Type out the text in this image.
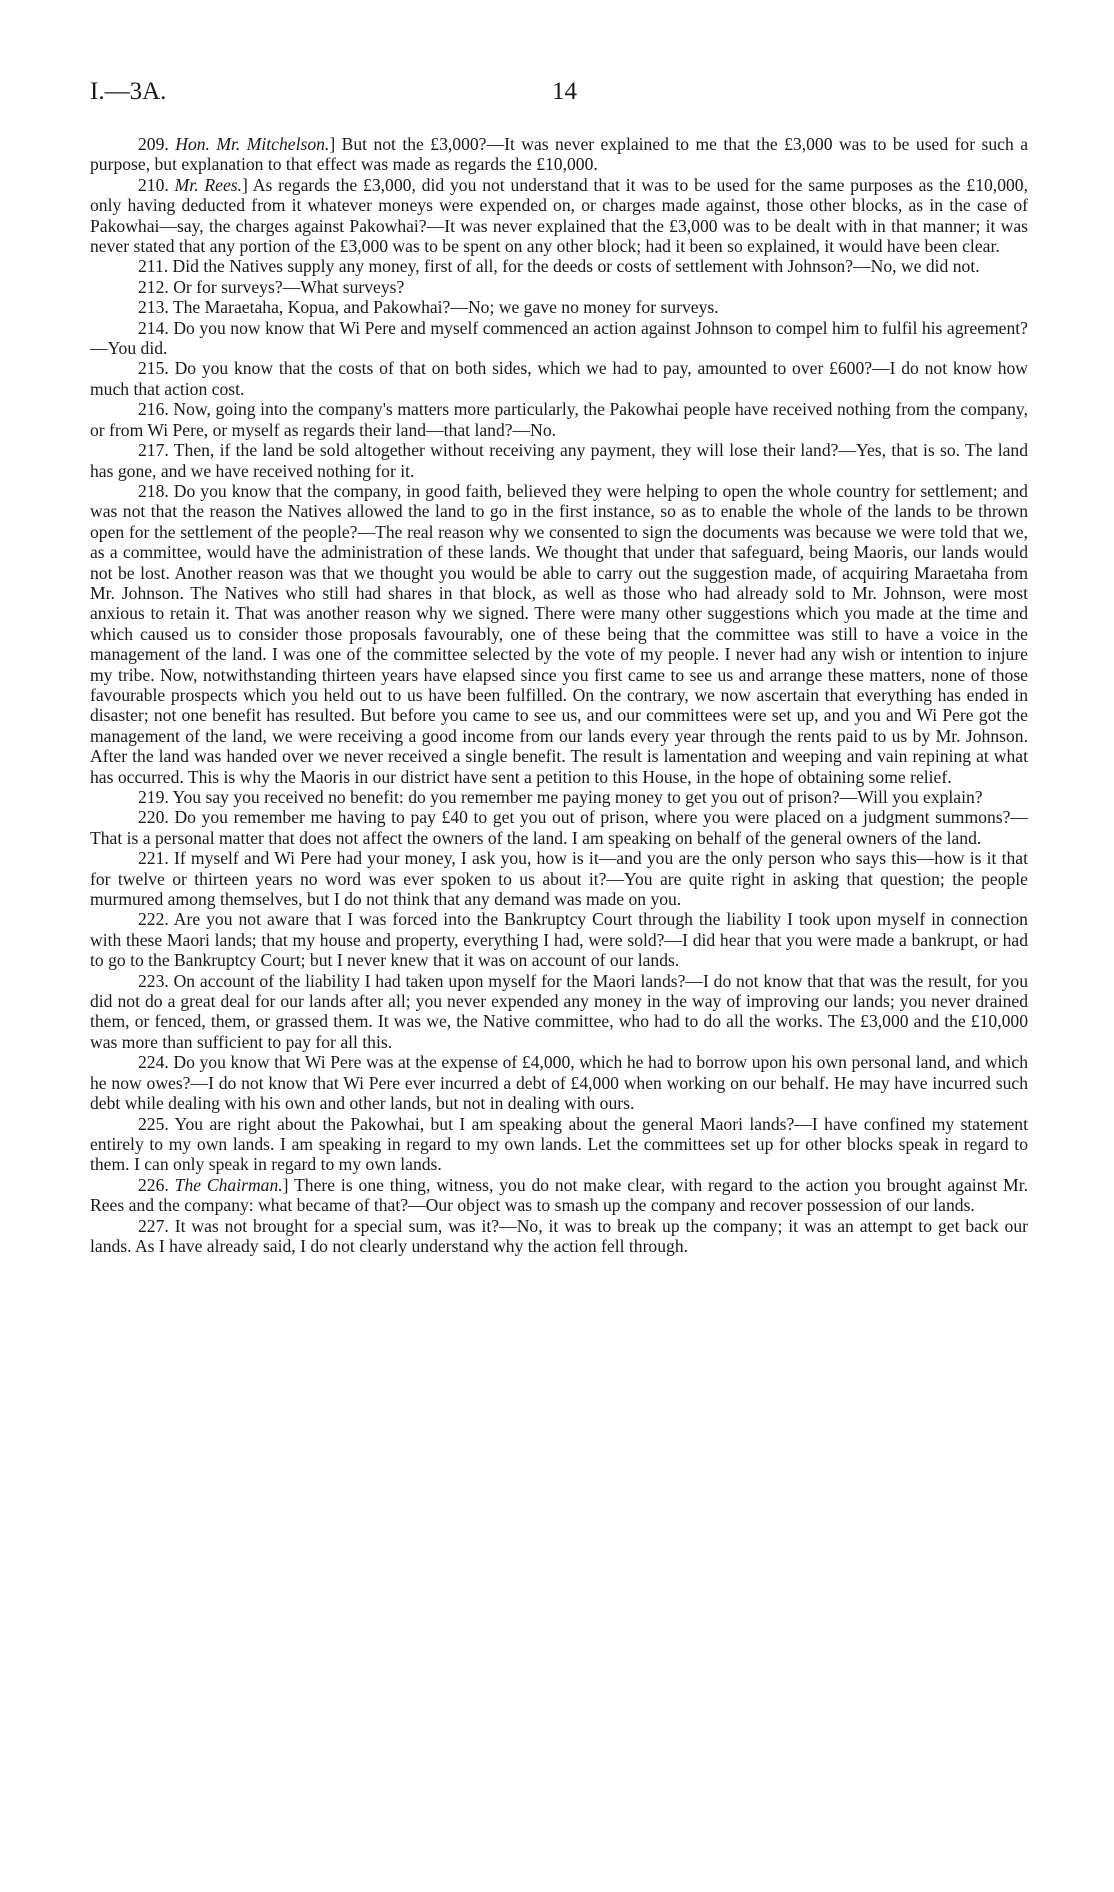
I.—3A.	14

209. Hon. Mr. Mitchelson.] But not the £3,000?—It was never explained to me that the £3,000 was to be used for such a purpose, but explanation to that effect was made as regards the £10,000.

210. Mr. Rees.] As regards the £3,000, did you not understand that it was to be used for the same purposes as the £10,000, only having deducted from it whatever moneys were expended on, or charges made against, those other blocks, as in the case of Pakowhai—say, the charges against Pakowhai?—It was never explained that the £3,000 was to be dealt with in that manner; it was never stated that any portion of the £3,000 was to be spent on any other block; had it been so explained, it would have been clear.

211. Did the Natives supply any money, first of all, for the deeds or costs of settlement with Johnson?—No, we did not.

212. Or for surveys?—What surveys?

213. The Maraetaha, Kopua, and Pakowhai?—No; we gave no money for surveys.

214. Do you now know that Wi Pere and myself commenced an action against Johnson to compel him to fulfil his agreement?—You did.

215. Do you know that the costs of that on both sides, which we had to pay, amounted to over £600?—I do not know how much that action cost.

216. Now, going into the company's matters more particularly, the Pakowhai people have received nothing from the company, or from Wi Pere, or myself as regards their land—that land?—No.

217. Then, if the land be sold altogether without receiving any payment, they will lose their land?—Yes, that is so. The land has gone, and we have received nothing for it.

218. Do you know that the company, in good faith, believed they were helping to open the whole country for settlement; and was not that the reason the Natives allowed the land to go in the first instance, so as to enable the whole of the lands to be thrown open for the settlement of the people?—The real reason why we consented to sign the documents was because we were told that we, as a committee, would have the administration of these lands. We thought that under that safeguard, being Maoris, our lands would not be lost. Another reason was that we thought you would be able to carry out the suggestion made, of acquiring Maraetaha from Mr. Johnson. The Natives who still had shares in that block, as well as those who had already sold to Mr. Johnson, were most anxious to retain it. That was another reason why we signed. There were many other suggestions which you made at the time and which caused us to consider those proposals favourably, one of these being that the committee was still to have a voice in the management of the land. I was one of the committee selected by the vote of my people. I never had any wish or intention to injure my tribe. Now, notwithstanding thirteen years have elapsed since you first came to see us and arrange these matters, none of those favourable prospects which you held out to us have been fulfilled. On the contrary, we now ascertain that everything has ended in disaster; not one benefit has resulted. But before you came to see us, and our committees were set up, and you and Wi Pere got the management of the land, we were receiving a good income from our lands every year through the rents paid to us by Mr. Johnson. After the land was handed over we never received a single benefit. The result is lamentation and weeping and vain repining at what has occurred. This is why the Maoris in our district have sent a petition to this House, in the hope of obtaining some relief.

219. You say you received no benefit: do you remember me paying money to get you out of prison?—Will you explain?

220. Do you remember me having to pay £40 to get you out of prison, where you were placed on a judgment summons?—That is a personal matter that does not affect the owners of the land. I am speaking on behalf of the general owners of the land.

221. If myself and Wi Pere had your money, I ask you, how is it—and you are the only person who says this—how is it that for twelve or thirteen years no word was ever spoken to us about it?—You are quite right in asking that question; the people murmured among themselves, but I do not think that any demand was made on you.

222. Are you not aware that I was forced into the Bankruptcy Court through the liability I took upon myself in connection with these Maori lands; that my house and property, everything I had, were sold?—I did hear that you were made a bankrupt, or had to go to the Bankruptcy Court; but I never knew that it was on account of our lands.

223. On account of the liability I had taken upon myself for the Maori lands?—I do not know that that was the result, for you did not do a great deal for our lands after all; you never expended any money in the way of improving our lands; you never drained them, or fenced, them, or grassed them. It was we, the Native committee, who had to do all the works. The £3,000 and the £10,000 was more than sufficient to pay for all this.

224. Do you know that Wi Pere was at the expense of £4,000, which he had to borrow upon his own personal land, and which he now owes?—I do not know that Wi Pere ever incurred a debt of £4,000 when working on our behalf. He may have incurred such debt while dealing with his own and other lands, but not in dealing with ours.

225. You are right about the Pakowhai, but I am speaking about the general Maori lands?—I have confined my statement entirely to my own lands. I am speaking in regard to my own lands. Let the committees set up for other blocks speak in regard to them. I can only speak in regard to my own lands.

226. The Chairman.] There is one thing, witness, you do not make clear, with regard to the action you brought against Mr. Rees and the company: what became of that?—Our object was to smash up the company and recover possession of our lands.

227. It was not brought for a special sum, was it?—No, it was to break up the company; it was an attempt to get back our lands. As I have already said, I do not clearly understand why the action fell through.
